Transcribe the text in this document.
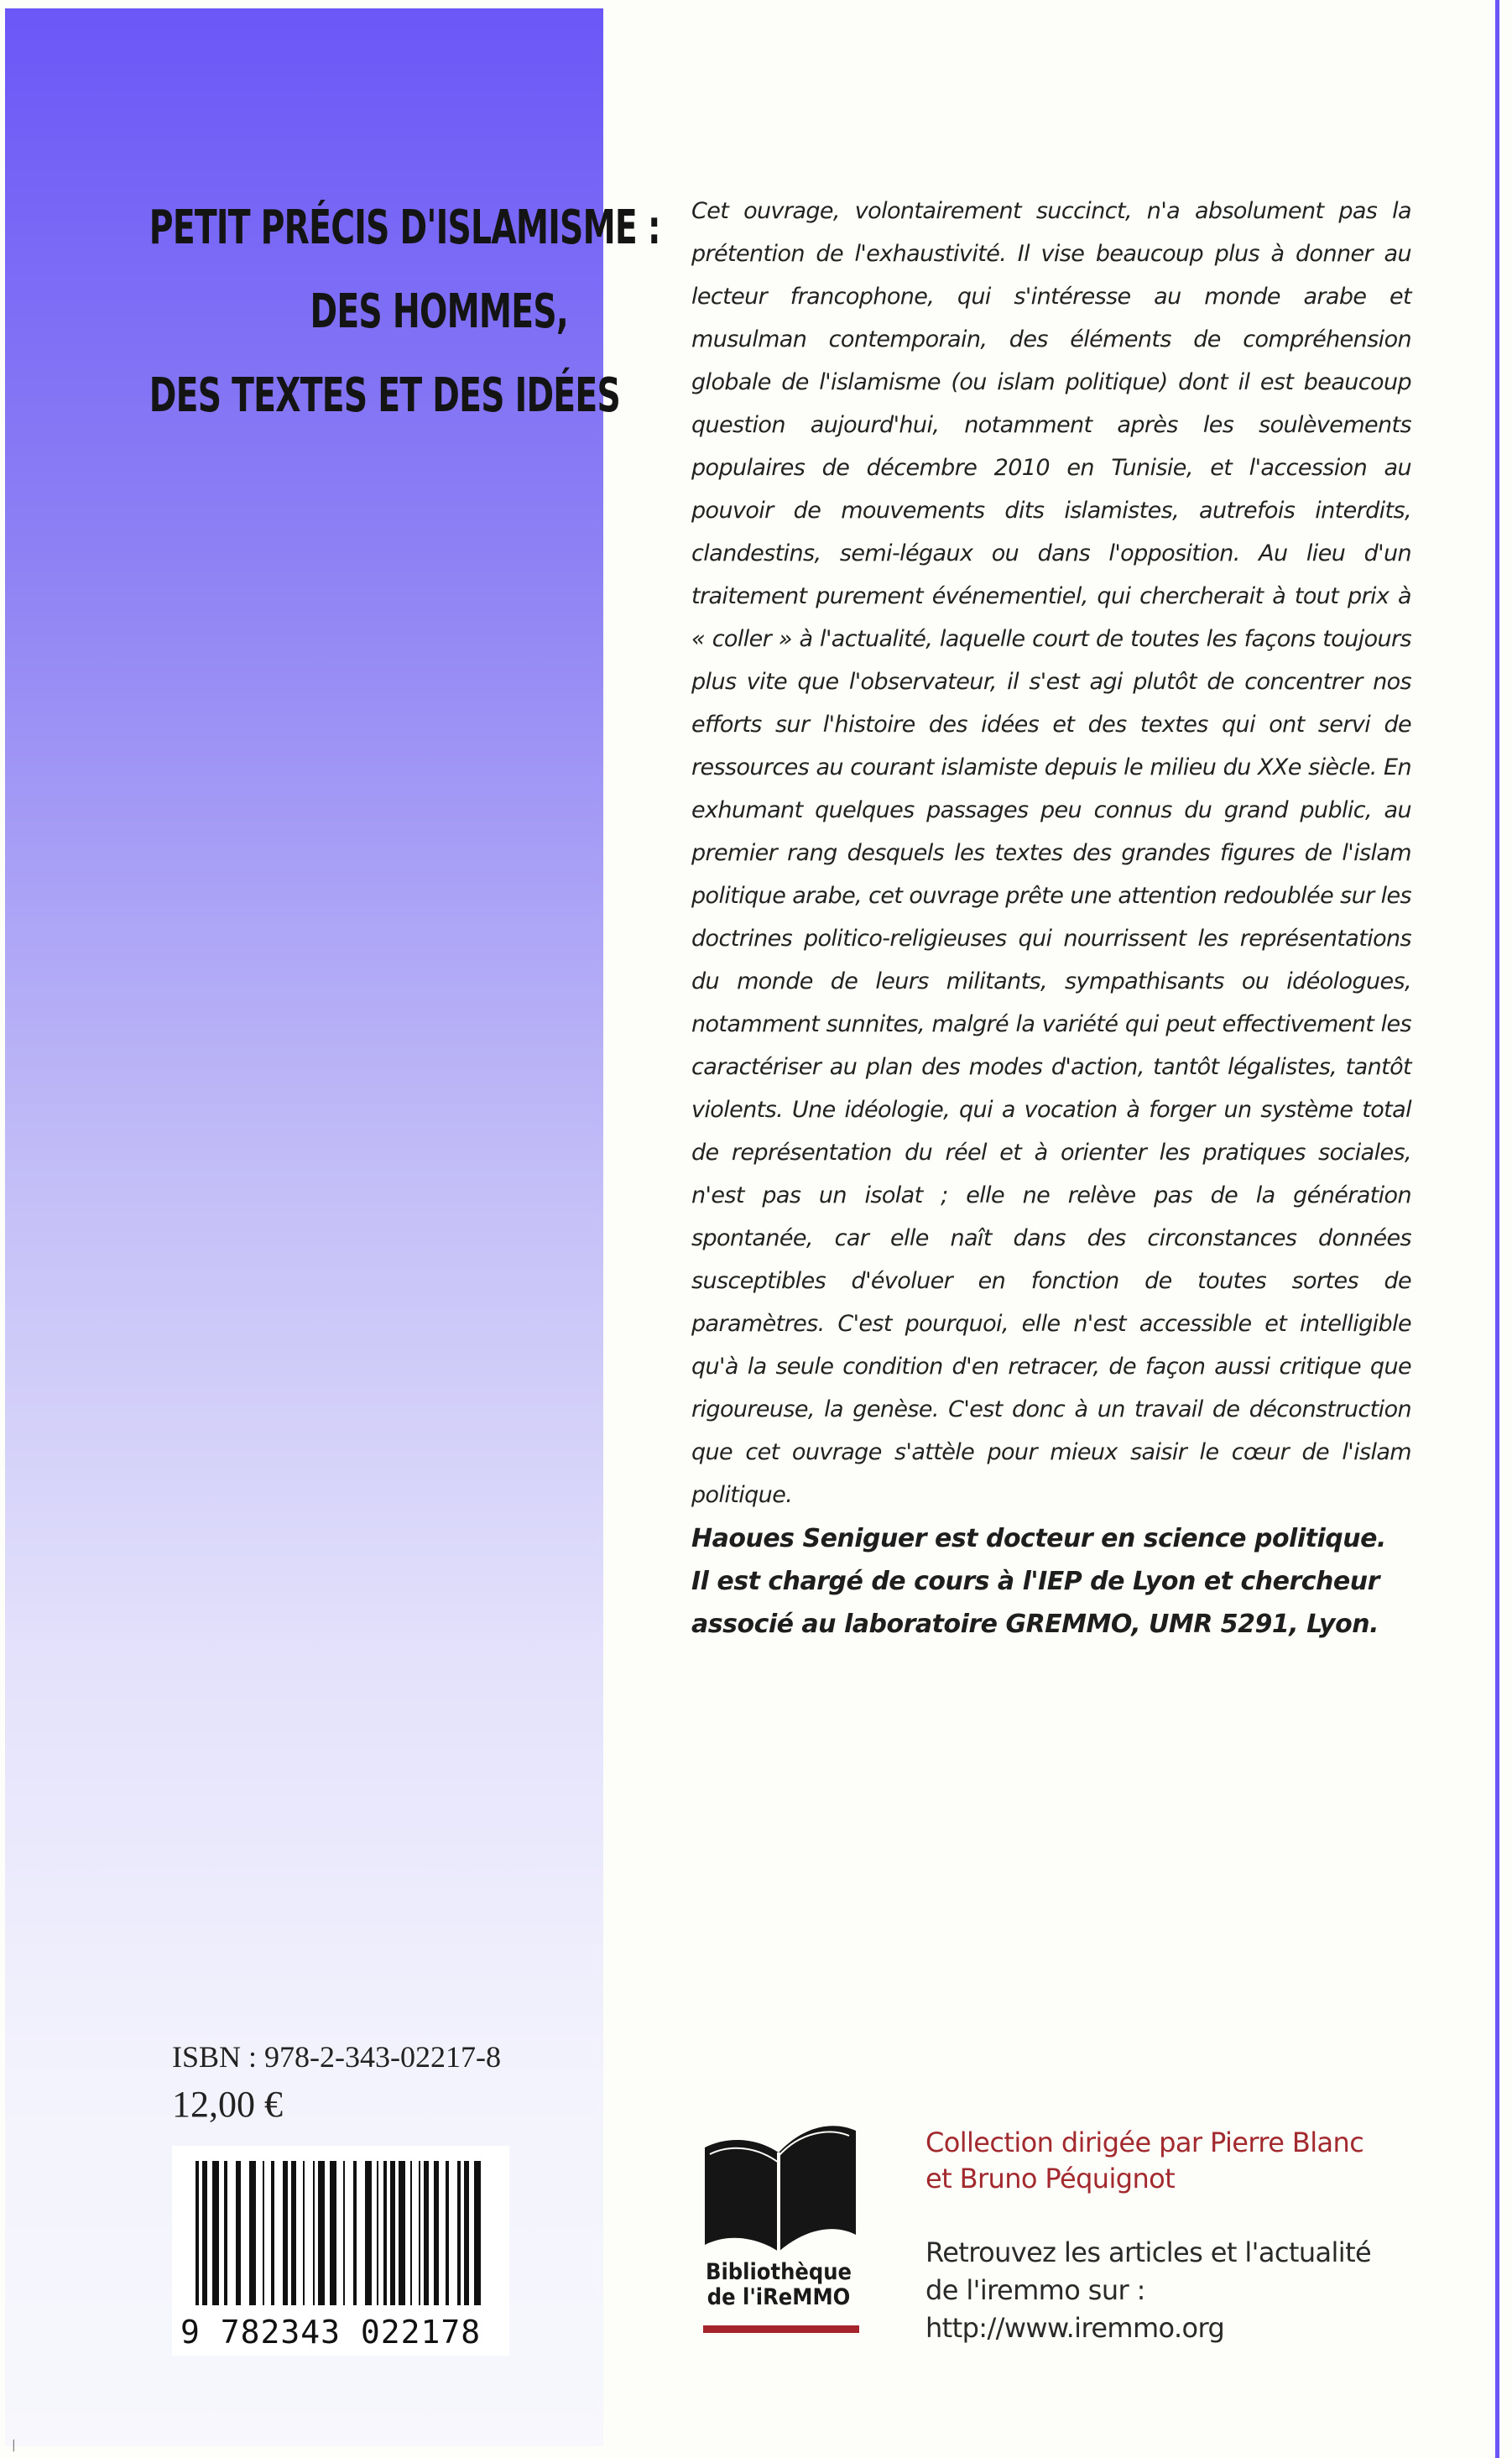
PETIT PRÉCIS D'ISLAMISME :
DES HOMMES,
DES TEXTES ET DES IDÉES
Cet ouvrage, volontairement succinct, n'a absolument pas la prétention de l'exhaustivité. Il vise beaucoup plus à donner au lecteur francophone, qui s'intéresse au monde arabe et musulman contemporain, des éléments de compréhension globale de l'islamisme (ou islam politique) dont il est beaucoup question aujourd'hui, notamment après les soulèvements populaires de décembre 2010 en Tunisie, et l'accession au pouvoir de mouvements dits islamistes, autrefois interdits, clandestins, semi-légaux ou dans l'opposition. Au lieu d'un traitement purement événementiel, qui chercherait à tout prix à « coller » à l'actualité, laquelle court de toutes les façons toujours plus vite que l'observateur, il s'est agi plutôt de concentrer nos efforts sur l'histoire des idées et des textes qui ont servi de ressources au courant islamiste depuis le milieu du XXe siècle. En exhumant quelques passages peu connus du grand public, au premier rang desquels les textes des grandes figures de l'islam politique arabe, cet ouvrage prête une attention redoublée sur les doctrines politico-religieuses qui nourrissent les représentations du monde de leurs militants, sympathisants ou idéologues, notamment sunnites, malgré la variété qui peut effectivement les caractériser au plan des modes d'action, tantôt légalistes, tantôt violents. Une idéologie, qui a vocation à forger un système total de représentation du réel et à orienter les pratiques sociales, n'est pas un isolat ; elle ne relève pas de la génération spontanée, car elle naît dans des circonstances données susceptibles d'évoluer en fonction de toutes sortes de paramètres. C'est pourquoi, elle n'est accessible et intelligible qu'à la seule condition d'en retracer, de façon aussi critique que rigoureuse, la genèse. C'est donc à un travail de déconstruction que cet ouvrage s'attèle pour mieux saisir le cœur de l'islam politique.
Haoues Seniguer est docteur en science politique.
Il est chargé de cours à l'IEP de Lyon et chercheur
associé au laboratoire GREMMO, UMR 5291, Lyon.
ISBN : 978-2-343-02217-8
12,00 €
9 782343 022178
Bibliothèque
de l'iReMMO
Collection dirigée par Pierre Blanc
et Bruno Péquignot
Retrouvez les articles et l'actualité
de l'iremmo sur :
http://www.iremmo.org
|
